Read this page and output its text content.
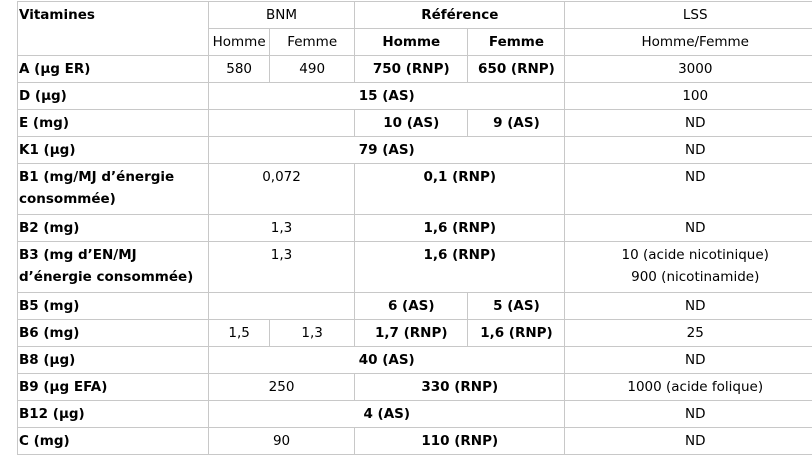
Vitamines	BNM		Référence		LSS
	Homme	Femme	Homme	Femme	Homme/Femme
A (µg ER)	580	490	750 (RNP)	650 (RNP)	3000
D (µg)	15 (AS)				100
E (mg)			10 (AS)	9 (AS)	ND
K1 (µg)	79 (AS)				ND
B1 (mg/MJ d’énergie consommée)	0,072		0,1 (RNP)		ND
B2 (mg)	1,3		1,6 (RNP)		ND
B3 (mg d’EN/MJ d’énergie consommée)	1,3		1,6 (RNP)		10 (acide nicotinique)
900 (nicotinamide)

B5 (mg)			6 (AS)	5 (AS)	ND
B6 (mg)	1,5	1,3	1,7 (RNP)	1,6 (RNP)	25
B8 (µg)	40 (AS)				ND
B9 (µg EFA)	250		330 (RNP)		1000 (acide folique)
B12 (µg)	4 (AS)				ND
C (mg)	90		110 (RNP)		ND
